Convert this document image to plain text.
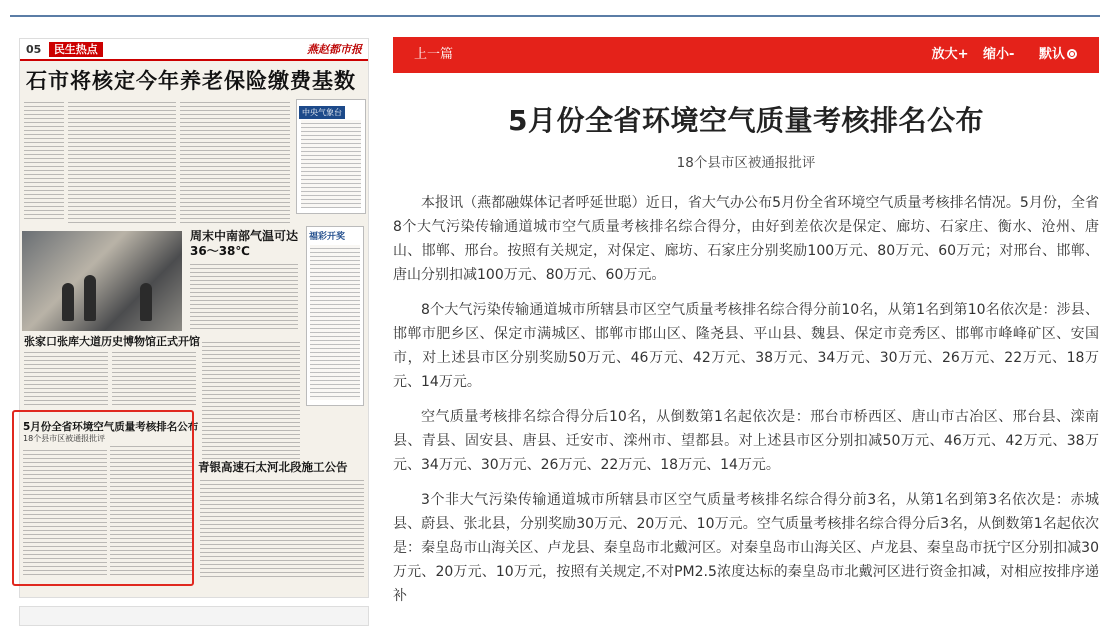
05 民生热点	燕赵都市报
石市将核定今年养老保险缴费基数
中央气象台
周末中南部气温可达36～38℃
福彩开奖
张家口张库大道历史博物馆正式开馆
5月份全省环境空气质量考核排名公布
18个县市区被通报批评
青银高速石太河北段施工公告
上一篇	放大+ 缩小- 默认
5月份全省环境空气质量考核排名公布
18个县市区被通报批评

本报讯（燕都融媒体记者呼延世聪）近日，省大气办公布5月份全省环境空气质量考核排名情况。5月份，全省8个大气污染传输通道城市空气质量考核排名综合得分，由好到差依次是保定、廊坊、石家庄、衡水、沧州、唐山、邯郸、邢台。按照有关规定，对保定、廊坊、石家庄分别奖励100万元、80万元、60万元；对邢台、邯郸、唐山分别扣减100万元、80万元、60万元。

8个大气污染传输通道城市所辖县市区空气质量考核排名综合得分前10名，从第1名到第10名依次是：涉县、邯郸市肥乡区、保定市满城区、邯郸市邯山区、隆尧县、平山县、魏县、保定市竞秀区、邯郸市峰峰矿区、安国市，对上述县市区分别奖励50万元、46万元、42万元、38万元、34万元、30万元、26万元、22万元、18万元、14万元。

空气质量考核排名综合得分后10名，从倒数第1名起依次是：邢台市桥西区、唐山市古冶区、邢台县、滦南县、青县、固安县、唐县、迁安市、滦州市、望都县。对上述县市区分别扣减50万元、46万元、42万元、38万元、34万元、30万元、26万元、22万元、18万元、14万元。

3个非大气污染传输通道城市所辖县市区空气质量考核排名综合得分前3名，从第1名到第3名依次是：赤城县、蔚县、张北县，分别奖励30万元、20万元、10万元。空气质量考核排名综合得分后3名，从倒数第1名起依次是：秦皇岛市山海关区、卢龙县、秦皇岛市北戴河区。对秦皇岛市山海关区、卢龙县、秦皇岛市抚宁区分别扣减30万元、20万元、10万元，按照有关规定,不对PM2.5浓度达标的秦皇岛市北戴河区进行资金扣减，对相应按排序递补
